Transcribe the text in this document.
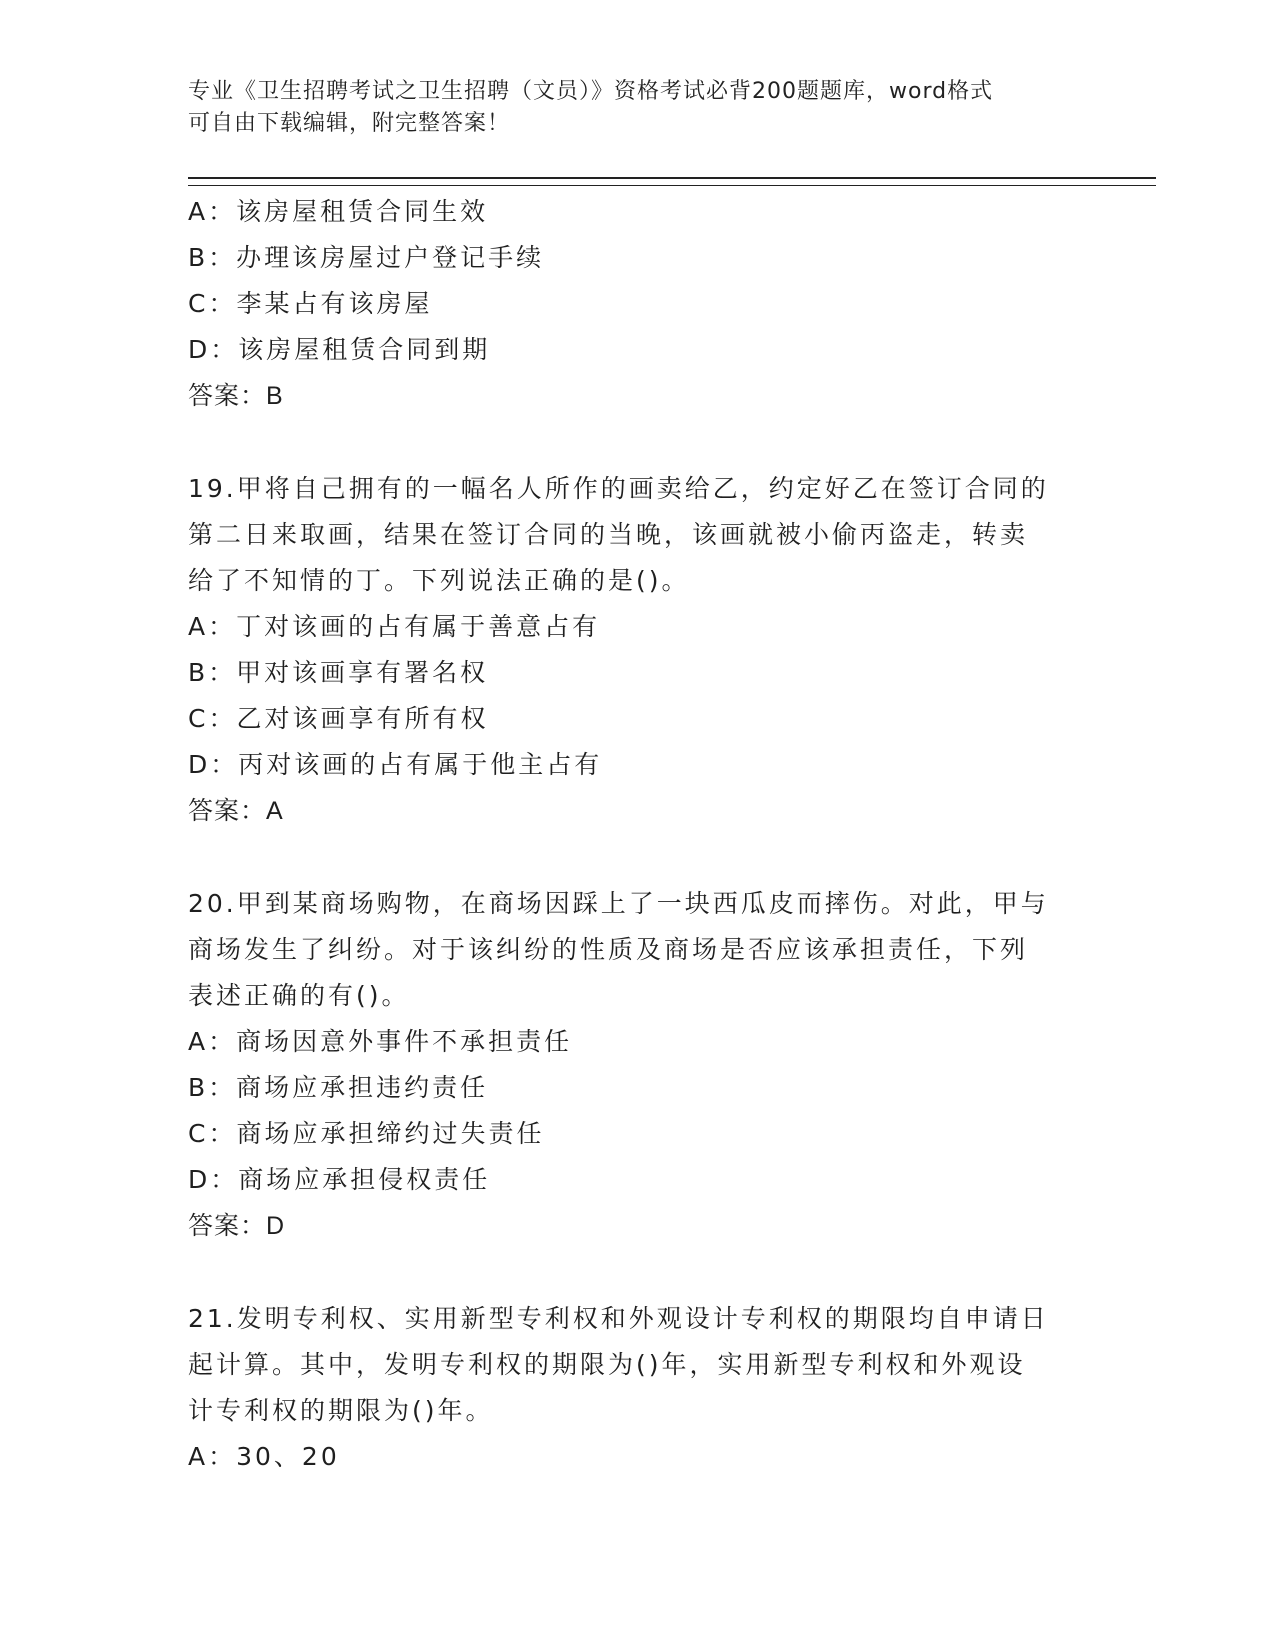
专业《卫生招聘考试之卫生招聘（文员）》资格考试必背200题题库，word格式
可自由下载编辑，附完整答案！
A：该房屋租赁合同生效
B：办理该房屋过户登记手续
C：李某占有该房屋
D：该房屋租赁合同到期
答案：B
19.甲将自己拥有的一幅名人所作的画卖给乙，约定好乙在签订合同的
第二日来取画，结果在签订合同的当晚，该画就被小偷丙盗走，转卖
给了不知情的丁。下列说法正确的是()。
A：丁对该画的占有属于善意占有
B：甲对该画享有署名权
C：乙对该画享有所有权
D：丙对该画的占有属于他主占有
答案：A
20.甲到某商场购物，在商场因踩上了一块西瓜皮而摔伤。对此，甲与
商场发生了纠纷。对于该纠纷的性质及商场是否应该承担责任，下列
表述正确的有()。
A：商场因意外事件不承担责任
B：商场应承担违约责任
C：商场应承担缔约过失责任
D：商场应承担侵权责任
答案：D
21.发明专利权、实用新型专利权和外观设计专利权的期限均自申请日
起计算。其中，发明专利权的期限为()年，实用新型专利权和外观设
计专利权的期限为()年。
A：30、20
